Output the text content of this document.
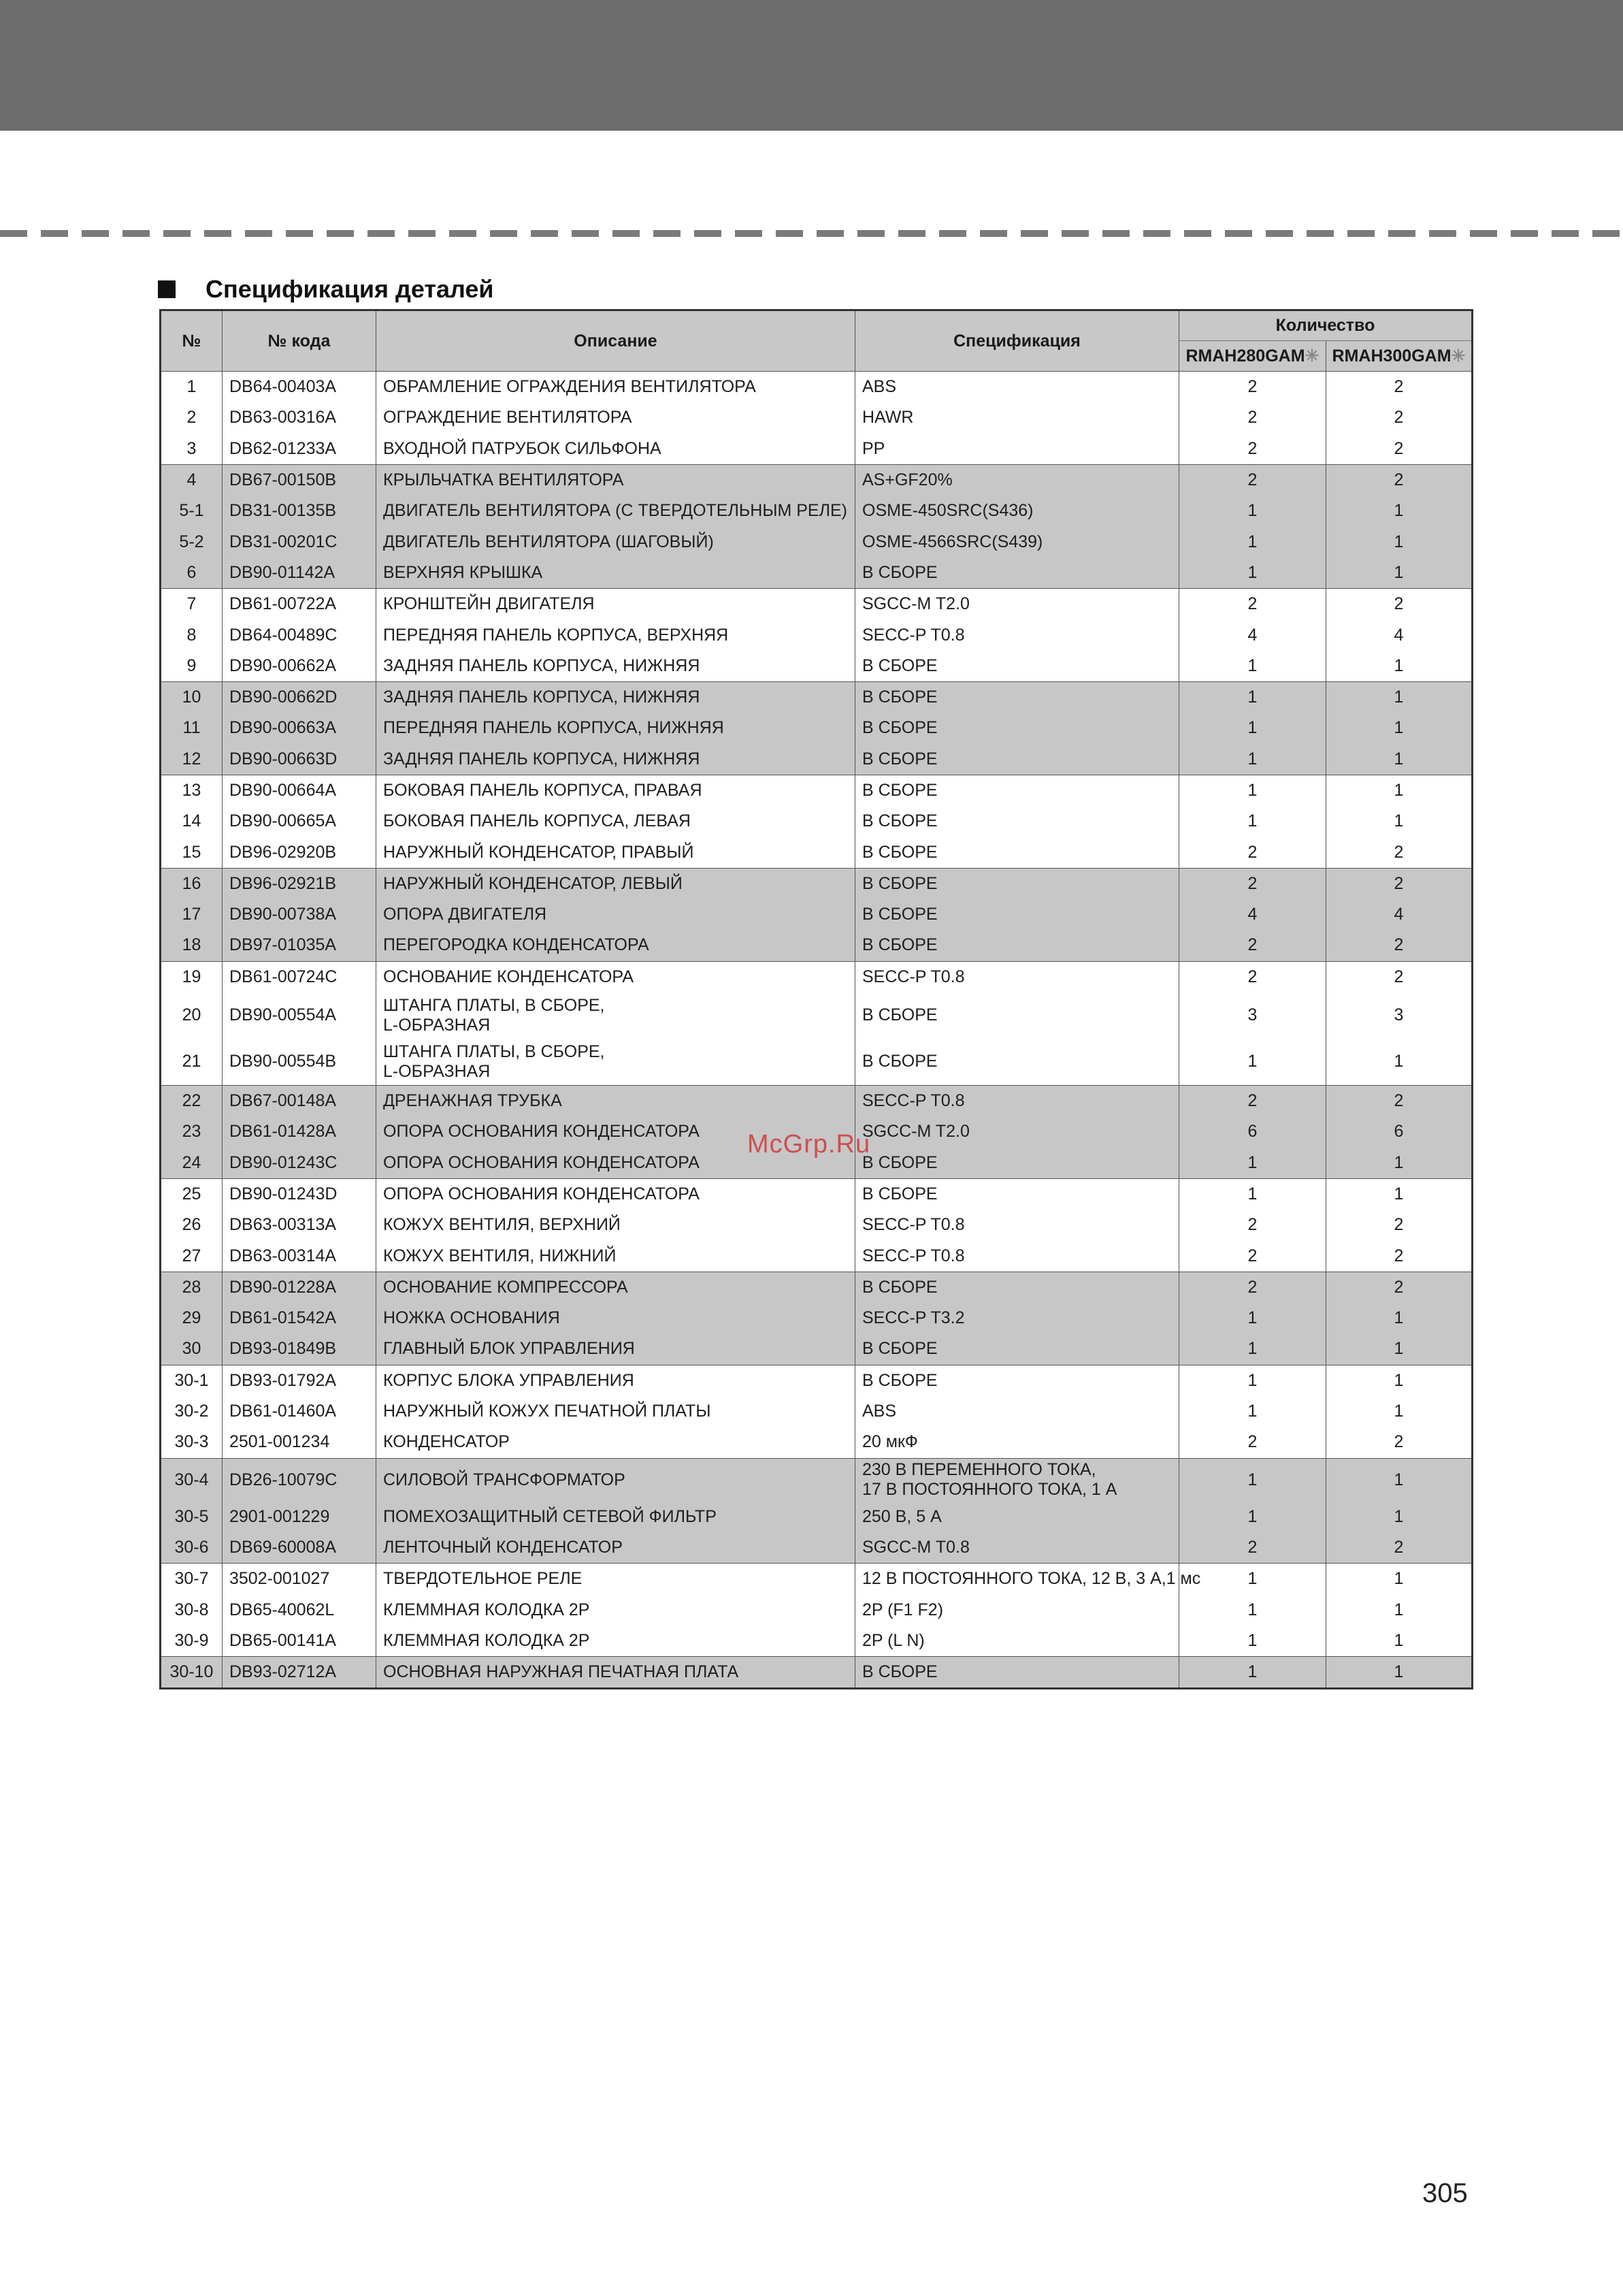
Спецификация деталей
№	№ кода	Описание	Спецификация	Количество	
				RMAH280GAM✳	RMAH300GAM✳
1	DB64-00403A	ОБРАМЛЕНИЕ ОГРАЖДЕНИЯ ВЕНТИЛЯТОРА	ABS	2	2
2	DB63-00316A	ОГРАЖДЕНИЕ ВЕНТИЛЯТОРА	HAWR	2	2
3	DB62-01233A	ВХОДНОЙ ПАТРУБОК СИЛЬФОНА	PP	2	2
4	DB67-00150B	КРЫЛЬЧАТКА ВЕНТИЛЯТОРА	AS+GF20%	2	2
5-1	DB31-00135B	ДВИГАТЕЛЬ ВЕНТИЛЯТОРА (С ТВЕРДОТЕЛЬНЫМ РЕЛЕ)	OSME-450SRC(S436)	1	1
5-2	DB31-00201C	ДВИГАТЕЛЬ ВЕНТИЛЯТОРА (ШАГОВЫЙ)	OSME-4566SRC(S439)	1	1
6	DB90-01142A	ВЕРХНЯЯ КРЫШКА	В СБОРЕ	1	1
7	DB61-00722A	КРОНШТЕЙН ДВИГАТЕЛЯ	SGCC-M T2.0	2	2
8	DB64-00489C	ПЕРЕДНЯЯ ПАНЕЛЬ КОРПУСА, ВЕРХНЯЯ	SECC-P T0.8	4	4
9	DB90-00662A	ЗАДНЯЯ ПАНЕЛЬ КОРПУСА, НИЖНЯЯ	В СБОРЕ	1	1
10	DB90-00662D	ЗАДНЯЯ ПАНЕЛЬ КОРПУСА, НИЖНЯЯ	В СБОРЕ	1	1
11	DB90-00663A	ПЕРЕДНЯЯ ПАНЕЛЬ КОРПУСА, НИЖНЯЯ	В СБОРЕ	1	1
12	DB90-00663D	ЗАДНЯЯ ПАНЕЛЬ КОРПУСА, НИЖНЯЯ	В СБОРЕ	1	1
13	DB90-00664A	БОКОВАЯ ПАНЕЛЬ КОРПУСА, ПРАВАЯ	В СБОРЕ	1	1
14	DB90-00665A	БОКОВАЯ ПАНЕЛЬ КОРПУСА, ЛЕВАЯ	В СБОРЕ	1	1
15	DB96-02920B	НАРУЖНЫЙ КОНДЕНСАТОР, ПРАВЫЙ	В СБОРЕ	2	2
16	DB96-02921B	НАРУЖНЫЙ КОНДЕНСАТОР, ЛЕВЫЙ	В СБОРЕ	2	2
17	DB90-00738A	ОПОРА ДВИГАТЕЛЯ	В СБОРЕ	4	4
18	DB97-01035A	ПЕРЕГОРОДКА КОНДЕНСАТОРА	В СБОРЕ	2	2
19	DB61-00724C	ОСНОВАНИЕ КОНДЕНСАТОРА	SECC-P T0.8	2	2
20	DB90-00554A	ШТАНГА ПЛАТЫ, В СБОРЕ,
L-ОБРАЗНАЯ	В СБОРЕ	3	3
21	DB90-00554B	ШТАНГА ПЛАТЫ, В СБОРЕ,
L-ОБРАЗНАЯ	В СБОРЕ	1	1
22	DB67-00148A	ДРЕНАЖНАЯ ТРУБКА	SECC-P T0.8	2	2
23	DB61-01428A	ОПОРА ОСНОВАНИЯ КОНДЕНСАТОРА	SGCC-M T2.0	6	6
24	DB90-01243C	ОПОРА ОСНОВАНИЯ КОНДЕНСАТОРА	В СБОРЕ	1	1
25	DB90-01243D	ОПОРА ОСНОВАНИЯ КОНДЕНСАТОРА	В СБОРЕ	1	1
26	DB63-00313A	КОЖУХ ВЕНТИЛЯ, ВЕРХНИЙ	SECC-P T0.8	2	2
27	DB63-00314A	КОЖУХ ВЕНТИЛЯ, НИЖНИЙ	SECC-P T0.8	2	2
28	DB90-01228A	ОСНОВАНИЕ КОМПРЕССОРА	В СБОРЕ	2	2
29	DB61-01542A	НОЖКА ОСНОВАНИЯ	SECC-P T3.2	1	1
30	DB93-01849B	ГЛАВНЫЙ БЛОК УПРАВЛЕНИЯ	В СБОРЕ	1	1
30-1	DB93-01792A	КОРПУС БЛОКА УПРАВЛЕНИЯ	В СБОРЕ	1	1
30-2	DB61-01460A	НАРУЖНЫЙ КОЖУХ ПЕЧАТНОЙ ПЛАТЫ	ABS	1	1
30-3	2501-001234	КОНДЕНСАТОР	20 мкФ	2	2
30-4	DB26-10079C	СИЛОВОЙ ТРАНСФОРМАТОР	230 В ПЕРЕМЕННОГО ТОКА,
17 В ПОСТОЯННОГО ТОКА, 1 А	1	1
30-5	2901-001229	ПОМЕХОЗАЩИТНЫЙ СЕТЕВОЙ ФИЛЬТР	250 В, 5 А	1	1
30-6	DB69-60008A	ЛЕНТОЧНЫЙ КОНДЕНСАТОР	SGCC-M T0.8	2	2
30-7	3502-001027	ТВЕРДОТЕЛЬНОЕ РЕЛЕ	12 В ПОСТОЯННОГО ТОКА, 12 В, 3 А,1 мс	1	1
30-8	DB65-40062L	КЛЕММНАЯ КОЛОДКА 2P	2P (F1 F2)	1	1
30-9	DB65-00141A	КЛЕММНАЯ КОЛОДКА 2P	2P (L N)	1	1
30-10	DB93-02712A	ОСНОВНАЯ НАРУЖНАЯ ПЕЧАТНАЯ ПЛАТА	В СБОРЕ	1	1
McGrp.Ru
305
